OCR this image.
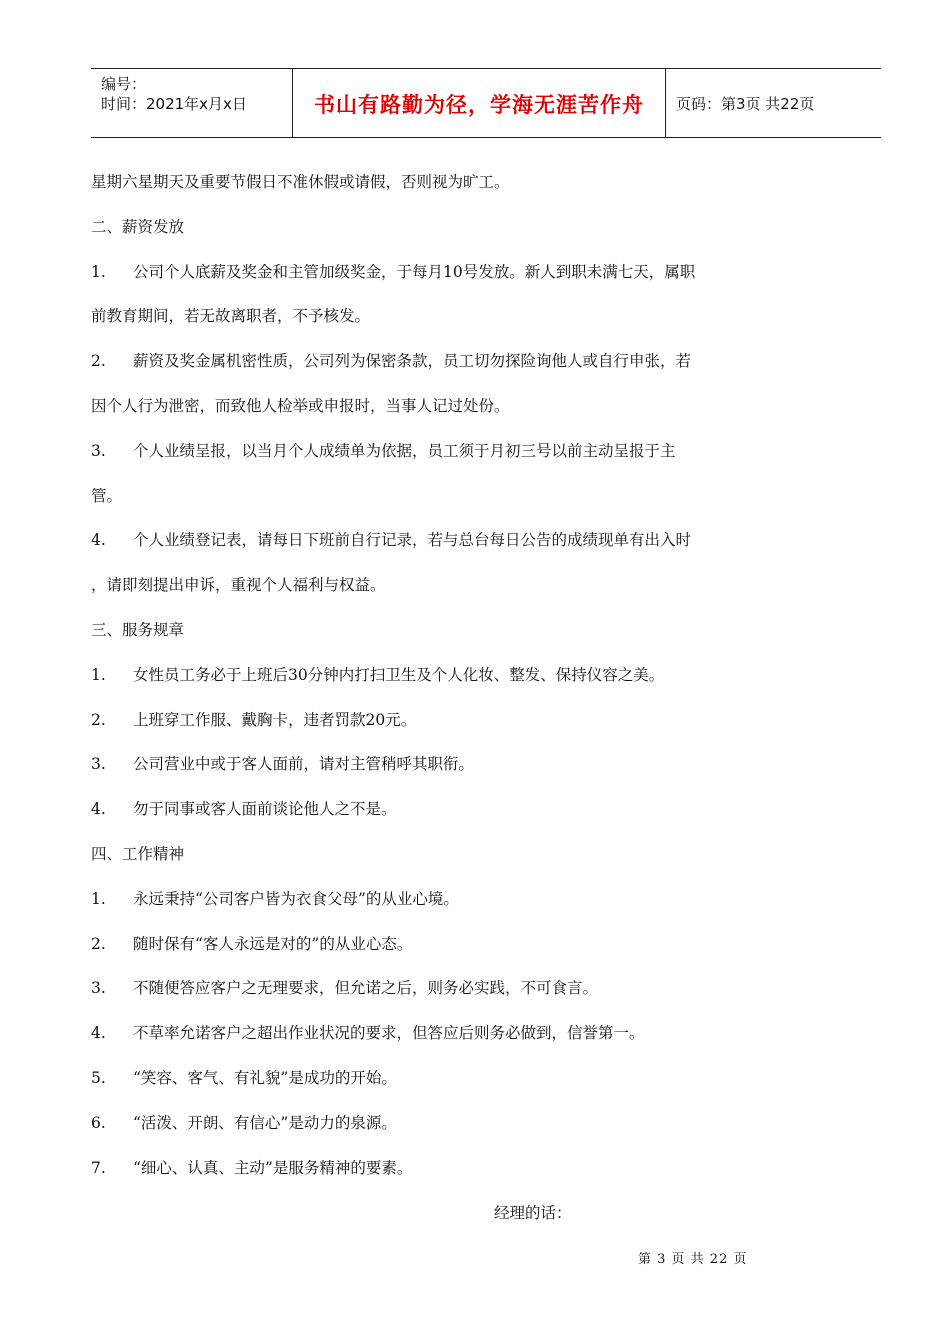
编号：
时间：2021年x月x日	书山有路勤为径，学海无涯苦作舟	页码：第3页 共22页
星期六星期天及重要节假日不准休假或请假，否则视为旷工。
二、薪资发放
1. 公司个人底薪及奖金和主管加级奖金，于每月10号发放。新人到职未满七天，属职
前教育期间，若无故离职者，不予核发。
2. 薪资及奖金属机密性质，公司列为保密条款，员工切勿探险询他人或自行申张，若
因个人行为泄密，而致他人检举或申报时，当事人记过处份。
3. 个人业绩呈报，以当月个人成绩单为依据，员工须于月初三号以前主动呈报于主
管。
4. 个人业绩登记表，请每日下班前自行记录，若与总台每日公告的成绩现单有出入时
，请即刻提出申诉，重视个人福利与权益。
三、服务规章
1. 女性员工务必于上班后30分钟内打扫卫生及个人化妆、整发、保持仪容之美。
2. 上班穿工作服、戴胸卡，违者罚款20元。
3. 公司营业中或于客人面前，请对主管稍呼其职衔。
4. 勿于同事或客人面前谈论他人之不是。
四、工作精神
1. 永远秉持“公司客户皆为衣食父母”的从业心境。
2. 随时保有“客人永远是对的”的从业心态。
3. 不随便答应客户之无理要求，但允诺之后，则务必实践，不可食言。
4. 不草率允诺客户之超出作业状况的要求，但答应后则务必做到，信誉第一。
5. “笑容、客气、有礼貌”是成功的开始。
6. “活泼、开朗、有信心”是动力的泉源。
7. “细心、认真、主动”是服务精神的要素。
经理的话：
第 3 页 共 22 页
